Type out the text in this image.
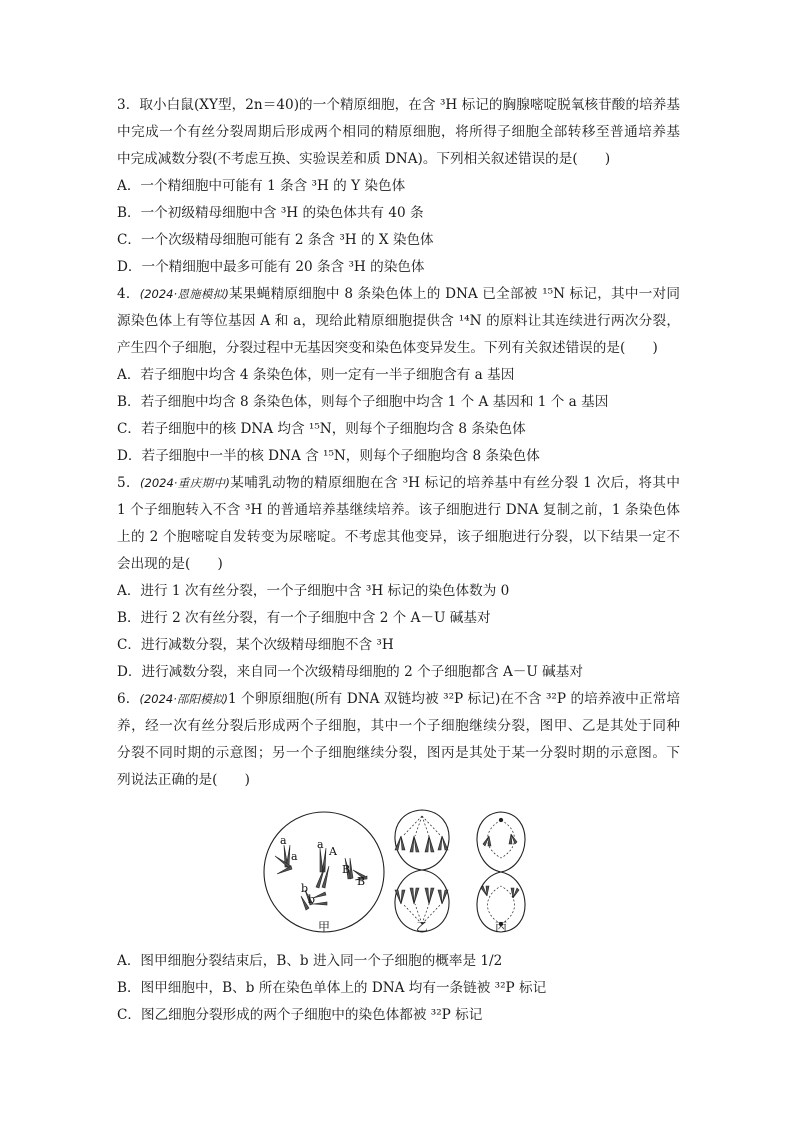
3．取小白鼠(XY型，2n＝40)的一个精原细胞，在含 ³H 标记的胸腺嘧啶脱氧核苷酸的培养基
中完成一个有丝分裂周期后形成两个相同的精原细胞，将所得子细胞全部转移至普通培养基
中完成减数分裂(不考虑互换、实验误差和质 DNA)。下列相关叙述错误的是(　　)
A．一个精细胞中可能有 1 条含 ³H 的 Y 染色体
B．一个初级精母细胞中含 ³H 的染色体共有 40 条
C．一个次级精母细胞可能有 2 条含 ³H 的 X 染色体
D．一个精细胞中最多可能有 20 条含 ³H 的染色体
4．(2024·恩施模拟)某果蝇精原细胞中 8 条染色体上的 DNA 已全部被 ¹⁵N 标记，其中一对同
源染色体上有等位基因 A 和 a，现给此精原细胞提供含 ¹⁴N 的原料让其连续进行两次分裂，
产生四个子细胞，分裂过程中无基因突变和染色体变异发生。下列有关叙述错误的是(　　)
A．若子细胞中均含 4 条染色体，则一定有一半子细胞含有 a 基因
B．若子细胞中均含 8 条染色体，则每个子细胞中均含 1 个 A 基因和 1 个 a 基因
C．若子细胞中的核 DNA 均含 ¹⁵N，则每个子细胞均含 8 条染色体
D．若子细胞中一半的核 DNA 含 ¹⁵N，则每个子细胞均含 8 条染色体
5．(2024·重庆期中)某哺乳动物的精原细胞在含 ³H 标记的培养基中有丝分裂 1 次后，将其中
1 个子细胞转入不含 ³H 的普通培养基继续培养。该子细胞进行 DNA 复制之前，1 条染色体
上的 2 个胞嘧啶自发转变为尿嘧啶。不考虑其他变异，该子细胞进行分裂，以下结果一定不
会出现的是(　　)
A．进行 1 次有丝分裂，一个子细胞中含 ³H 标记的染色体数为 0
B．进行 2 次有丝分裂，有一个子细胞中含 2 个 A－U 碱基对
C．进行减数分裂，某个次级精母细胞不含 ³H
D．进行减数分裂，来自同一个次级精母细胞的 2 个子细胞都含 A－U 碱基对
6．(2024·邵阳模拟)1 个卵原细胞(所有 DNA 双链均被 ³²P 标记)在不含 ³²P 的培养液中正常培
养，经一次有丝分裂后形成两个子细胞，其中一个子细胞继续分裂，图甲、乙是其处于同种
分裂不同时期的示意图；另一个子细胞继续分裂，图丙是其处于某一分裂时期的示意图。下
列说法正确的是(　　)
a	a
A
a
B
B
b
b
甲	乙	丙
A．图甲细胞分裂结束后，B、b 进入同一个子细胞的概率是 1/2
B．图甲细胞中，B、b 所在染色单体上的 DNA 均有一条链被 ³²P 标记
C．图乙细胞分裂形成的两个子细胞中的染色体都被 ³²P 标记
